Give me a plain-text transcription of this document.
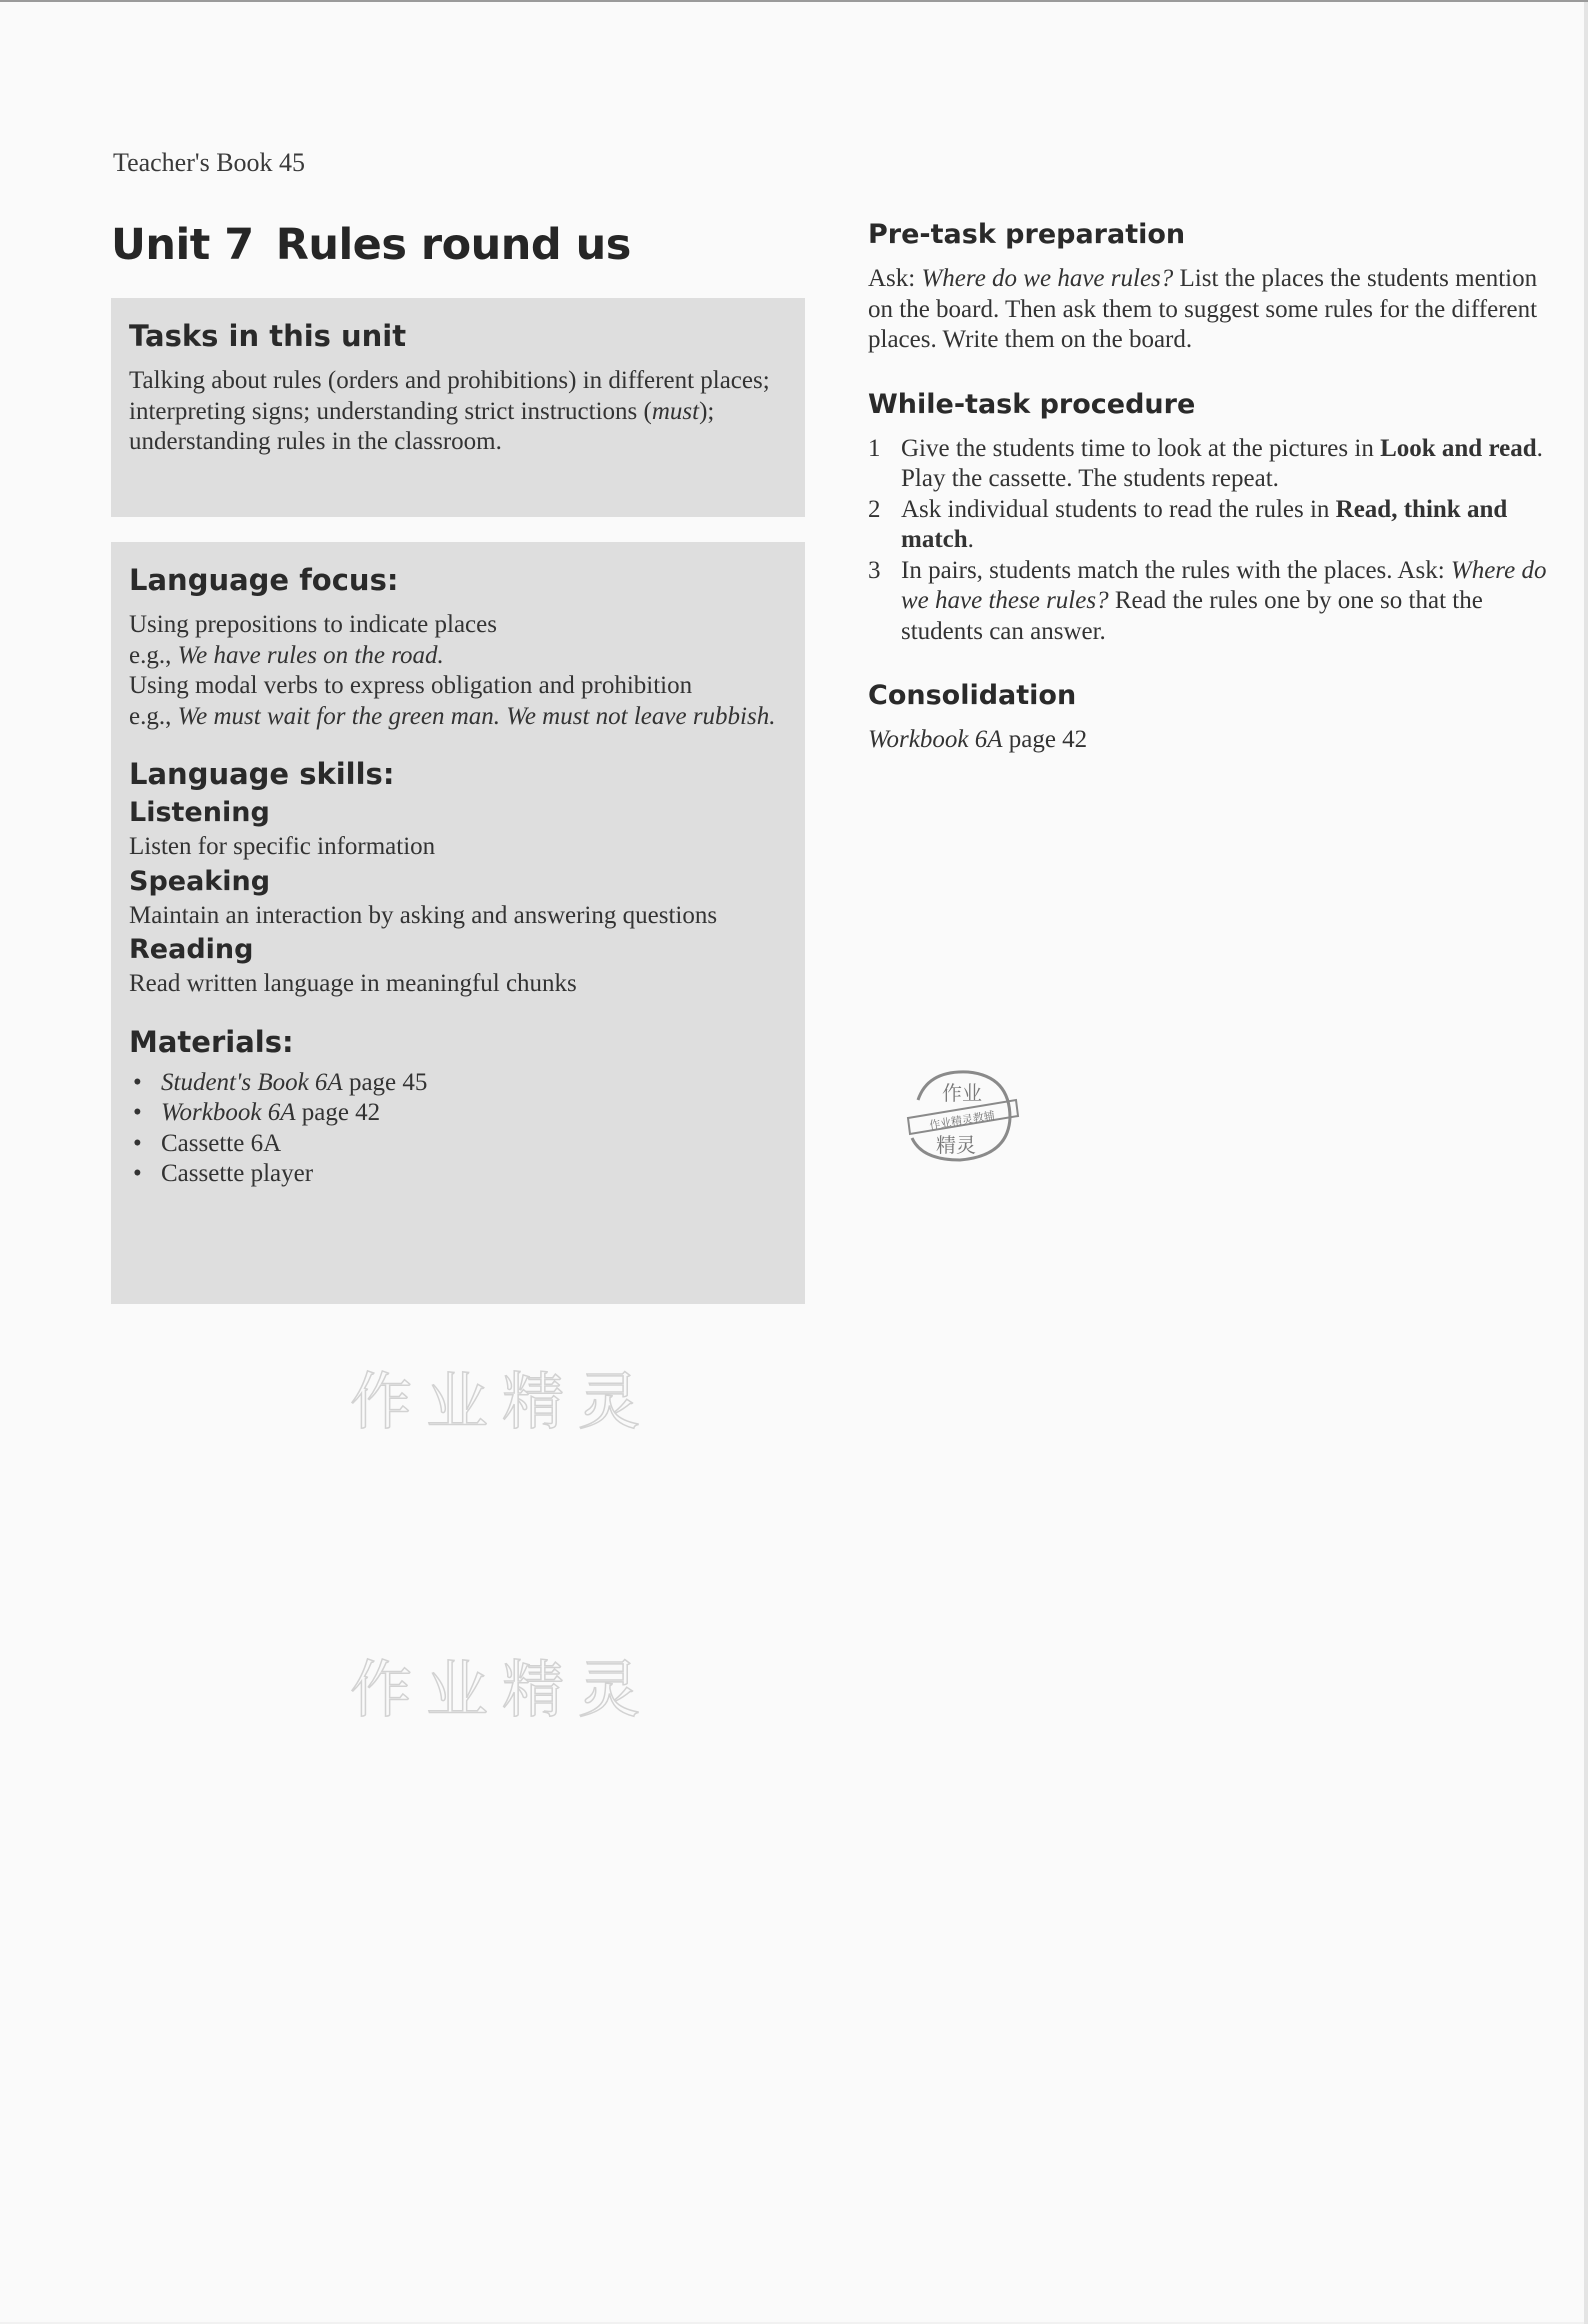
Teacher's Book 45
Unit 7 Rules round us

Tasks in this unit

Talking about rules (orders and prohibitions) in different places; interpreting signs; understanding strict instructions (must); understanding rules in the classroom.

Language focus:

Using prepositions to indicate places

e.g., We have rules on the road.

Using modal verbs to express obligation and prohibition

e.g., We must wait for the green man. We must not leave rubbish.

Language skills:

Listening

Listen for specific information

Speaking

Maintain an interaction by asking and answering questions

Reading

Read written language in meaningful chunks

Materials:

• Student's Book 6A page 45
• Workbook 6A page 42
• Cassette 6A
• Cassette player

Pre-task preparation

Ask: Where do we have rules? List the places the students mention on the board. Then ask them to suggest some rules for the different places. Write them on the board.

While-task procedure

1 Give the students time to look at the pictures in Look and read. Play the cassette. The students repeat.
2 Ask individual students to read the rules in Read, think and match.
3 In pairs, students match the rules with the places. Ask: Where do we have these rules? Read the rules one by one so that the students can answer.

Consolidation

Workbook 6A page 42

作业
作业精灵教辅
精灵
作业精灵
作业精灵
